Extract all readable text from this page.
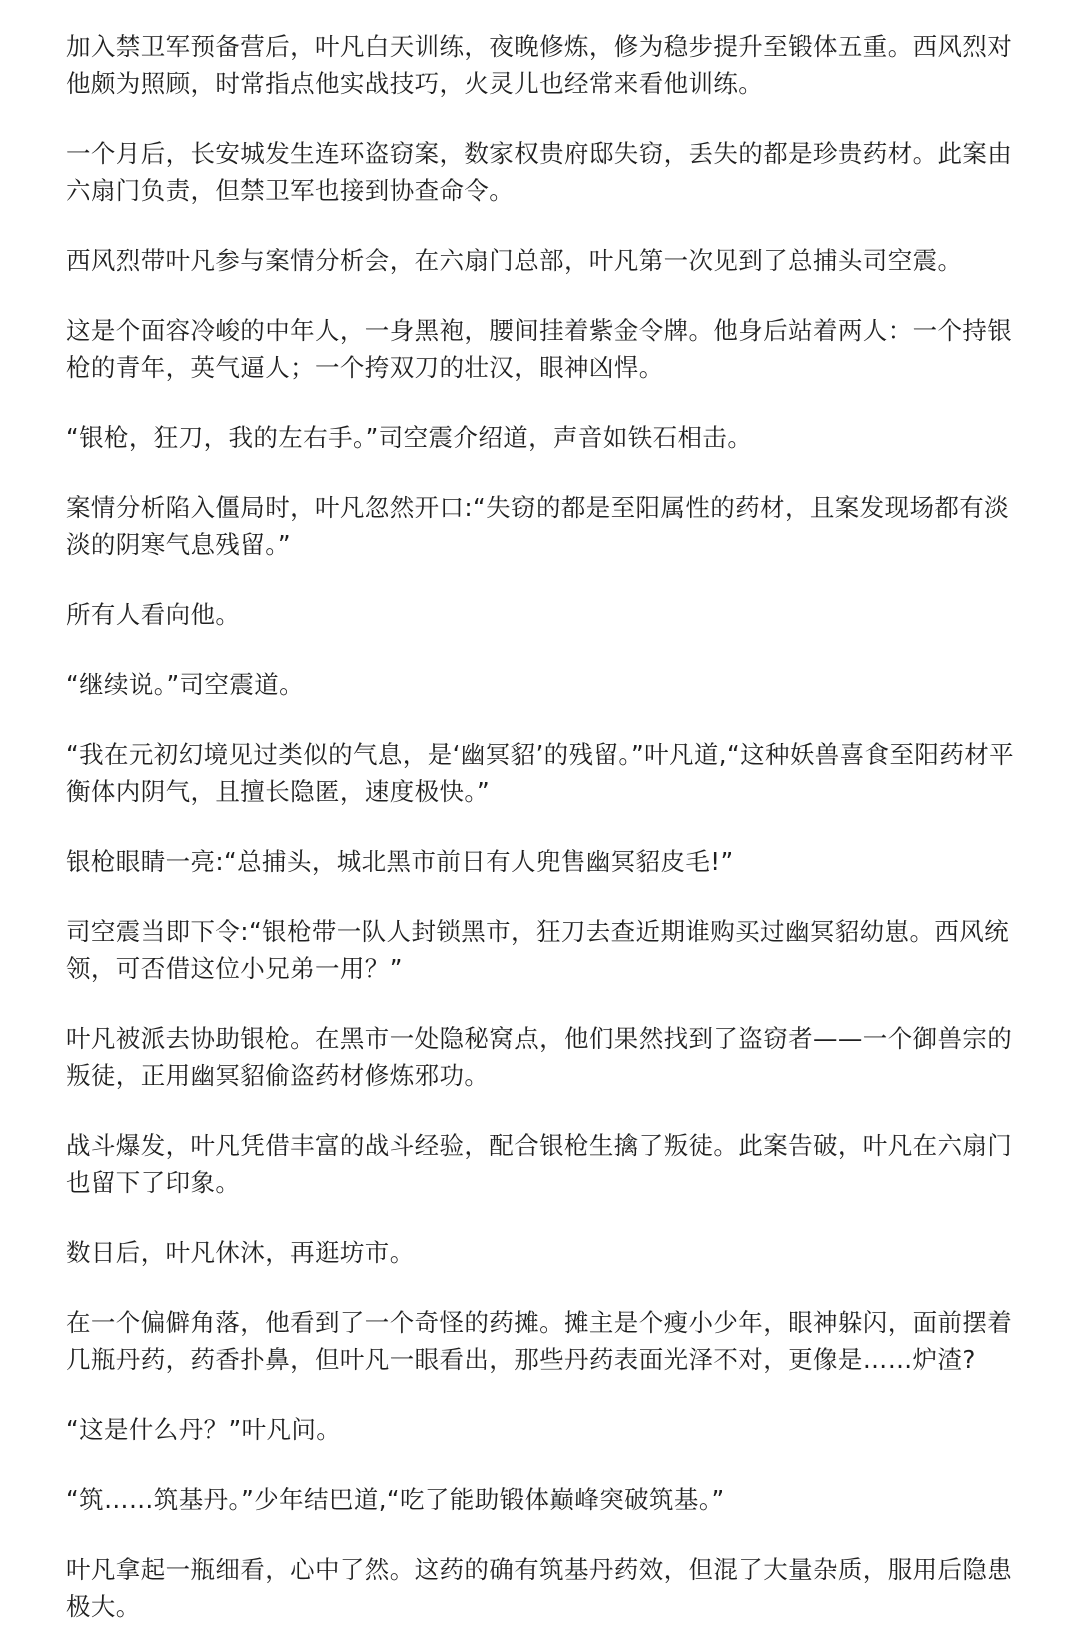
加入禁卫军预备营后，叶凡白天训练，夜晚修炼，修为稳步提升至锻体五重。西风烈对他颇为照顾，时常指点他实战技巧，火灵儿也经常来看他训练。

一个月后，长安城发生连环盗窃案，数家权贵府邸失窃，丢失的都是珍贵药材。此案由六扇门负责，但禁卫军也接到协查命令。

西风烈带叶凡参与案情分析会，在六扇门总部，叶凡第一次见到了总捕头司空震。

这是个面容冷峻的中年人，一身黑袍，腰间挂着紫金令牌。他身后站着两人：一个持银枪的青年，英气逼人；一个挎双刀的壮汉，眼神凶悍。

“银枪，狂刀，我的左右手。”司空震介绍道，声音如铁石相击。

案情分析陷入僵局时，叶凡忽然开口:“失窃的都是至阳属性的药材，且案发现场都有淡淡的阴寒气息残留。”

所有人看向他。

“继续说。”司空震道。

“我在元初幻境见过类似的气息，是‘幽冥貂’的残留。”叶凡道,“这种妖兽喜食至阳药材平衡体内阴气，且擅长隐匿，速度极快。”

银枪眼睛一亮:“总捕头，城北黑市前日有人兜售幽冥貂皮毛!”

司空震当即下令:“银枪带一队人封锁黑市，狂刀去查近期谁购买过幽冥貂幼崽。西风统领，可否借这位小兄弟一用？”

叶凡被派去协助银枪。在黑市一处隐秘窝点，他们果然找到了盗窃者——一个御兽宗的叛徒，正用幽冥貂偷盗药材修炼邪功。

战斗爆发，叶凡凭借丰富的战斗经验，配合银枪生擒了叛徒。此案告破，叶凡在六扇门也留下了印象。

数日后，叶凡休沐，再逛坊市。

在一个偏僻角落，他看到了一个奇怪的药摊。摊主是个瘦小少年，眼神躲闪，面前摆着几瓶丹药，药香扑鼻，但叶凡一眼看出，那些丹药表面光泽不对，更像是……炉渣?

“这是什么丹？”叶凡问。

“筑……筑基丹。”少年结巴道,“吃了能助锻体巅峰突破筑基。”

叶凡拿起一瓶细看，心中了然。这药的确有筑基丹药效，但混了大量杂质，服用后隐患极大。
